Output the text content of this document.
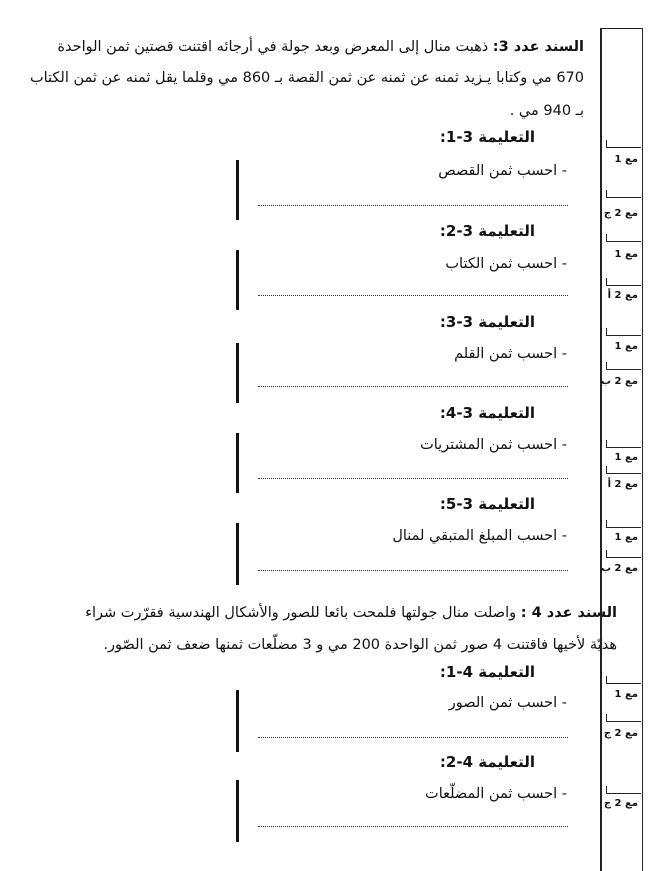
السند عدد 3: ذهبت منال إلى المعرض وبعد جولة في أرجائه اقتنت قصتين ثمن الواحدة
670 مي وكتابا يـزيد ثمنه عن ثمنه عن ثمن القصة بـ 860 مي وقلما يقل ثمنه عن ثمن الكتاب
بـ 940 مي .
التعليمة 3-1:
- احسب ثمن القصص
التعليمة 3-2:
- احسب ثمن الكتاب
التعليمة 3-3:
- احسب ثمن القلم
التعليمة 3-4:
- احسب ثمن المشتريات
التعليمة 3-5:
- احسب المبلغ المتبقي لمنال
السند عدد 4 : واصلت منال جولتها فلمحت بائعا للصور والأشكال الهندسية فقرّرت شراء
هديّة لأخيها فاقتنت 4 صور ثمن الواحدة 200 مي و 3 مضلّعات ثمنها ضعف ثمن الصّور.
التعليمة 4-1:
- احسب ثمن الصور
التعليمة 4-2:
- احسب ثمن المضلّعات
مع 1
مع 2 ج
مع 1
مع 2 أ
مع 1
مع 2 ب
مع 1
مع 2 أ
مع 1
مع 2 ب
مع 1
مع 2 ج
مع 2 ج
